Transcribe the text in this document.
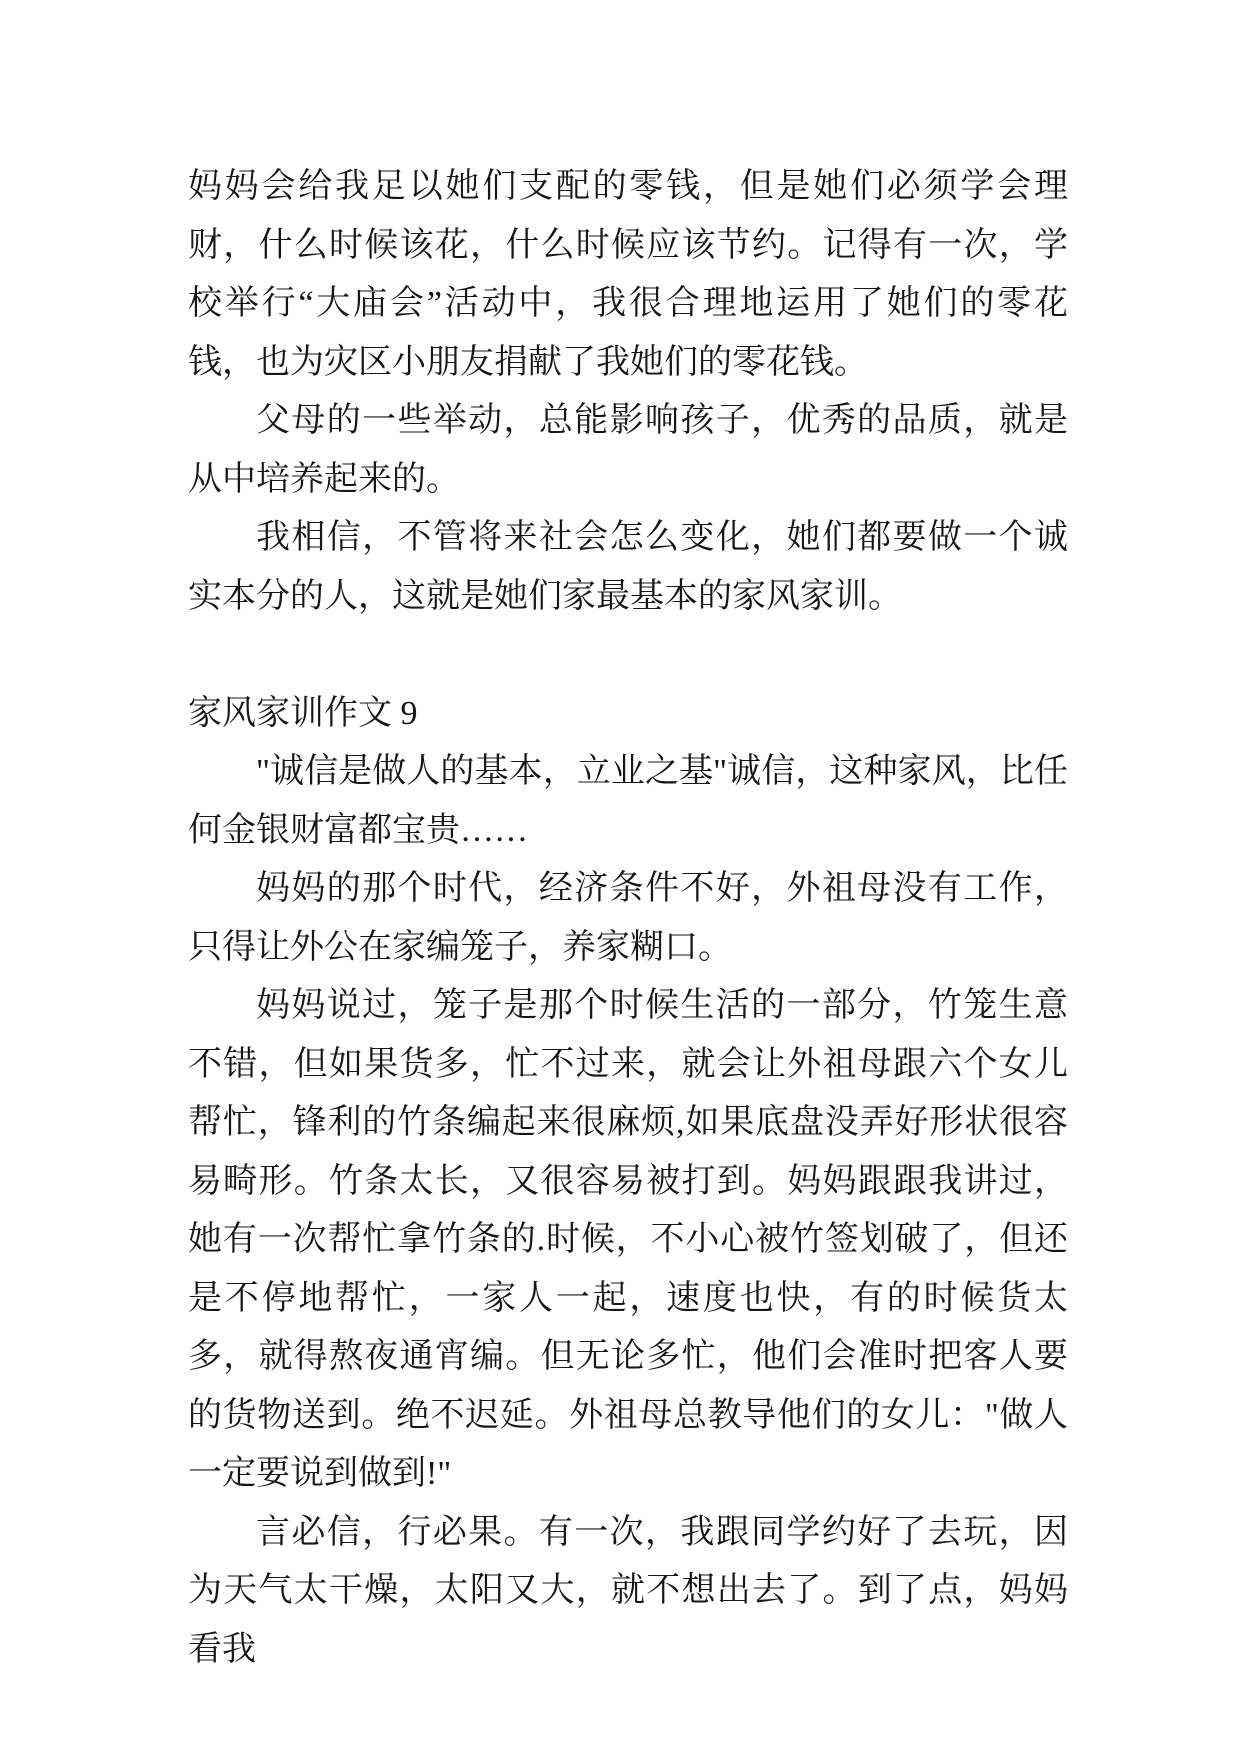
妈妈会给我足以她们支配的零钱，但是她们必须学会理财，什么时候该花，什么时候应该节约。记得有一次，学校举行“大庙会”活动中，我很合理地运用了她们的零花钱，也为灾区小朋友捐献了我她们的零花钱。

父母的一些举动，总能影响孩子，优秀的品质，就是从中培养起来的。

我相信，不管将来社会怎么变化，她们都要做一个诚实本分的人，这就是她们家最基本的家风家训。

家风家训作文 9

"诚信是做人的基本，立业之基"诚信，这种家风，比任何金银财富都宝贵……

妈妈的那个时代，经济条件不好，外祖母没有工作，只得让外公在家编笼子，养家糊口。

妈妈说过，笼子是那个时候生活的一部分，竹笼生意不错，但如果货多，忙不过来，就会让外祖母跟六个女儿帮忙，锋利的竹条编起来很麻烦,如果底盘没弄好形状很容易畸形。竹条太长，又很容易被打到。妈妈跟跟我讲过，她有一次帮忙拿竹条的.时候，不小心被竹签划破了，但还是不停地帮忙，一家人一起，速度也快，有的时候货太多，就得熬夜通宵编。但无论多忙，他们会准时把客人要的货物送到。绝不迟延。外祖母总教导他们的女儿："做人一定要说到做到!"

言必信，行必果。有一次，我跟同学约好了去玩，因为天气太干燥，太阳又大，就不想出去了。到了点，妈妈看我
